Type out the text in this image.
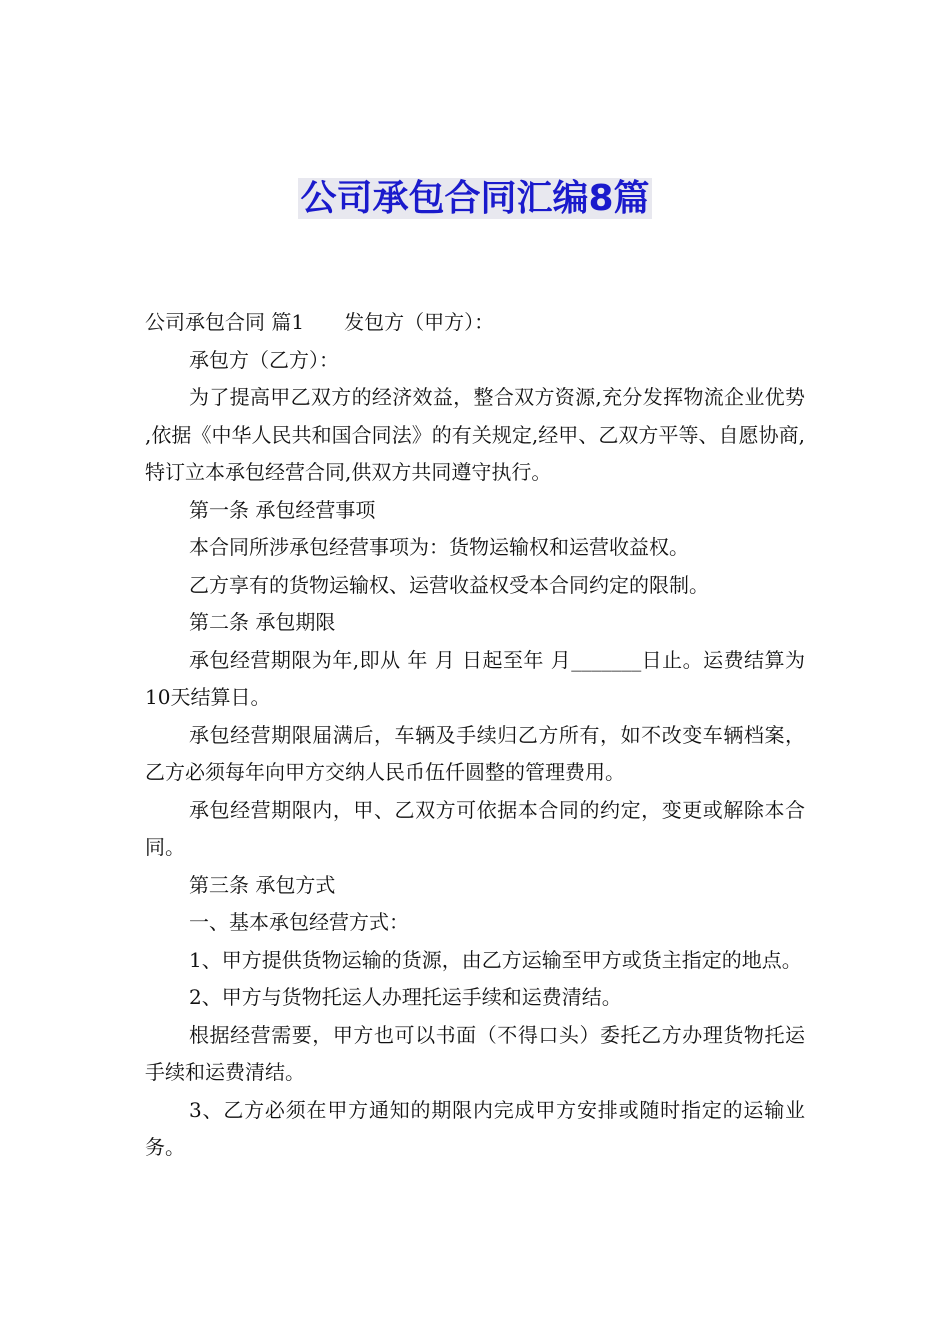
公司承包合同汇编8篇

公司承包合同 篇1　　发包方（甲方）：

承包方（乙方）：

为了提高甲乙双方的经济效益，整合双方资源,充分发挥物流企业优势 ,依据《中华人民共和国合同法》的有关规定,经甲、乙双方平等、自愿协商,特订立本承包经营合同,供双方共同遵守执行。

第一条 承包经营事项

本合同所涉承包经营事项为：货物运输权和运营收益权。

乙方享有的货物运输权、运营收益权受本合同约定的限制。

第二条 承包期限

承包经营期限为年,即从 年 月 日起至年 月_______日止。运费结算为10天结算日。

承包经营期限届满后，车辆及手续归乙方所有，如不改变车辆档案，乙方必须每年向甲方交纳人民币伍仟圆整的管理费用。

承包经营期限内，甲、乙双方可依据本合同的约定，变更或解除本合同。

第三条 承包方式

一、基本承包经营方式：

1、甲方提供货物运输的货源，由乙方运输至甲方或货主指定的地点。

2、甲方与货物托运人办理托运手续和运费清结。

根据经营需要，甲方也可以书面（不得口头）委托乙方办理货物托运手续和运费清结。

3、乙方必须在甲方通知的期限内完成甲方安排或随时指定的运输业务。
